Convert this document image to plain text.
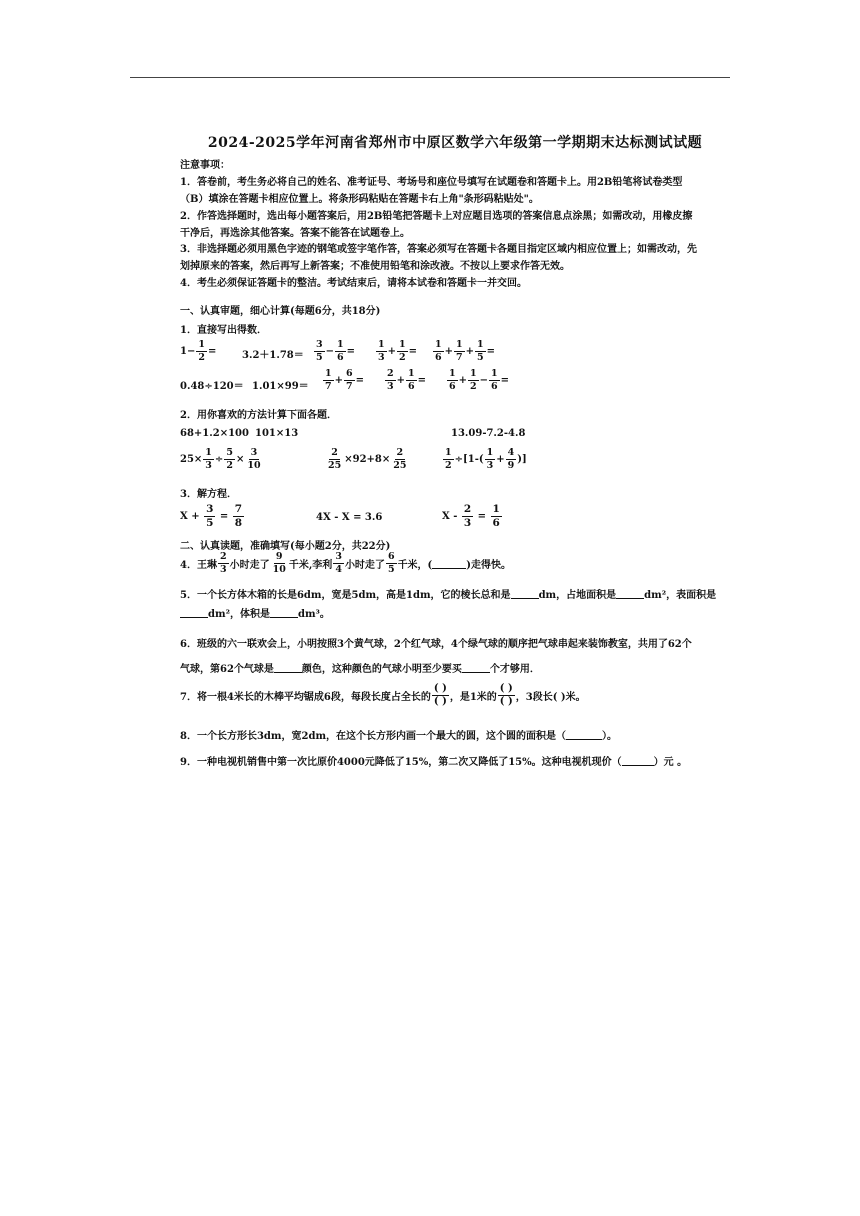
2024-2025学年河南省郑州市中原区数学六年级第一学期期末达标测试试题
注意事项：
1．答卷前，考生务必将自己的姓名、准考证号、考场号和座位号填写在试题卷和答题卡上。用2B铅笔将试卷类型
（B）填涂在答题卡相应位置上。将条形码粘贴在答题卡右上角"条形码粘贴处"。
2．作答选择题时，选出每小题答案后，用2B铅笔把答题卡上对应题目选项的答案信息点涂黑；如需改动，用橡皮擦
干净后，再选涂其他答案。答案不能答在试题卷上。
3．非选择题必须用黑色字迹的钢笔或签字笔作答，答案必须写在答题卡各题目指定区域内相应位置上；如需改动，先
划掉原来的答案，然后再写上新答案；不准使用铅笔和涂改液。不按以上要求作答无效。
4．考生必须保证答题卡的整洁。考试结束后，请将本试卷和答题卡一并交回。
一、认真审题，细心计算(每题6分，共18分)
1．直接写出得数．
$1 - \frac{1}{2}$ =	$3.2+1.78= \frac{3}{5} - \frac{1}{6} = \frac{1}{3} + \frac{1}{2} = \frac{1}{6} + \frac{1}{7} + \frac{1}{5}$ =
$0.48\div 120= 1.01\times 99= \frac{1}{7} + \frac{6}{7} = \frac{2}{3} + \frac{1}{6} = \frac{1}{6} + \frac{1}{2} - \frac{1}{6}$ =
2．用你喜欢的方法计算下面各题．
68+1.2×100 101×13	13.09-7.2-4.8
$25\times \frac{1}{3} \div \frac{5}{2} \times \frac{3}{10}$	$\frac{2}{25} \times 92+8\times \frac{2}{25}$	$\frac{1}{2} \div[1-( \frac{1}{3} + \frac{4}{9}$ )]
3．解方程．
X +
$\frac{3}{5}$
=
$\frac{7}{8}$	4X - X = 3.6	X -
$\frac{2}{3}$
=
$\frac{1}{6}$
二、认真读题，准确填写(每小题2分，共22分)
4．王琳 $\frac{2}{3}$ 小时走了 $\frac{9}{10}$ 千米,李利 $\frac{3}{4}$ 小时走了 $\frac{6}{5}$ 千米，(	)走得快。
5．一个长方体木箱的长是6dm，宽是5dm，高是1dm，它的棱长总和是	dm，占地面积是	dm²，表面积是
dm²，体积是	dm³。
6．班级的六一联欢会上，小明按照3个黄气球，2个红气球，4个绿气球的顺序把气球串起来装饰教室，共用了62个
气球，第62个气球是	颜色，这种颜色的气球小明至少要买	个才够用．
7．将一根4米长的木棒平均锯成6段，每段长度占全长的 $\frac{( )}{( )}$ ，是1米的 $\frac{( )}{( )}$ ，3段长( )米。
8．一个长方形长3dm，宽2dm，在这个长方形内画一个最大的圆，这个圆的面积是（	）。
9．一种电视机销售中第一次比原价4000元降低了15%，第二次又降低了15%。这种电视机现价（	）元 。
